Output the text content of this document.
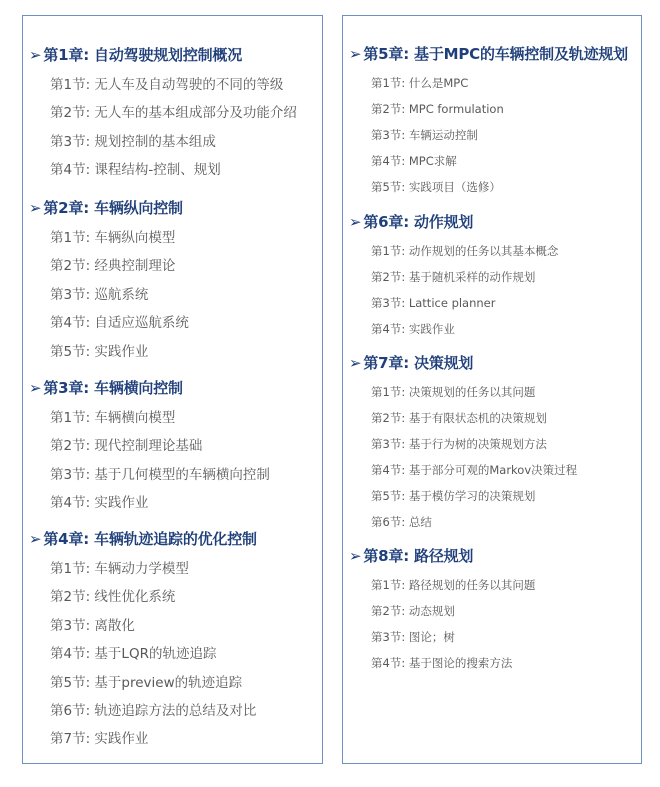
➢ 第1章: 自动驾驶规划控制概况
第1节: 无人车及自动驾驶的不同的等级
第2节: 无人车的基本组成部分及功能介绍
第3节: 规划控制的基本组成
第4节: 课程结构-控制、规划
➢ 第2章: 车辆纵向控制
第1节: 车辆纵向模型
第2节: 经典控制理论
第3节: 巡航系统
第4节: 自适应巡航系统
第5节: 实践作业
➢ 第3章: 车辆横向控制
第1节: 车辆横向模型
第2节: 现代控制理论基础
第3节: 基于几何模型的车辆横向控制
第4节: 实践作业
➢ 第4章: 车辆轨迹追踪的优化控制
第1节: 车辆动力学模型
第2节: 线性优化系统
第3节: 离散化
第4节: 基于LQR的轨迹追踪
第5节: 基于preview的轨迹追踪
第6节: 轨迹追踪方法的总结及对比
第7节: 实践作业
➢ 第5章: 基于MPC的车辆控制及轨迹规划
第1节: 什么是MPC
第2节: MPC formulation
第3节: 车辆运动控制
第4节: MPC求解
第5节: 实践项目（选修）
➢ 第6章: 动作规划
第1节: 动作规划的任务以其基本概念
第2节: 基于随机采样的动作规划
第3节: Lattice planner
第4节: 实践作业
➢ 第7章: 决策规划
第1节: 决策规划的任务以其问题
第2节: 基于有限状态机的决策规划
第3节: 基于行为树的决策规划方法
第4节: 基于部分可观的Markov决策过程
第5节: 基于模仿学习的决策规划
第6节: 总结
➢ 第8章: 路径规划
第1节: 路径规划的任务以其问题
第2节: 动态规划
第3节: 图论；树
第4节: 基于图论的搜索方法
